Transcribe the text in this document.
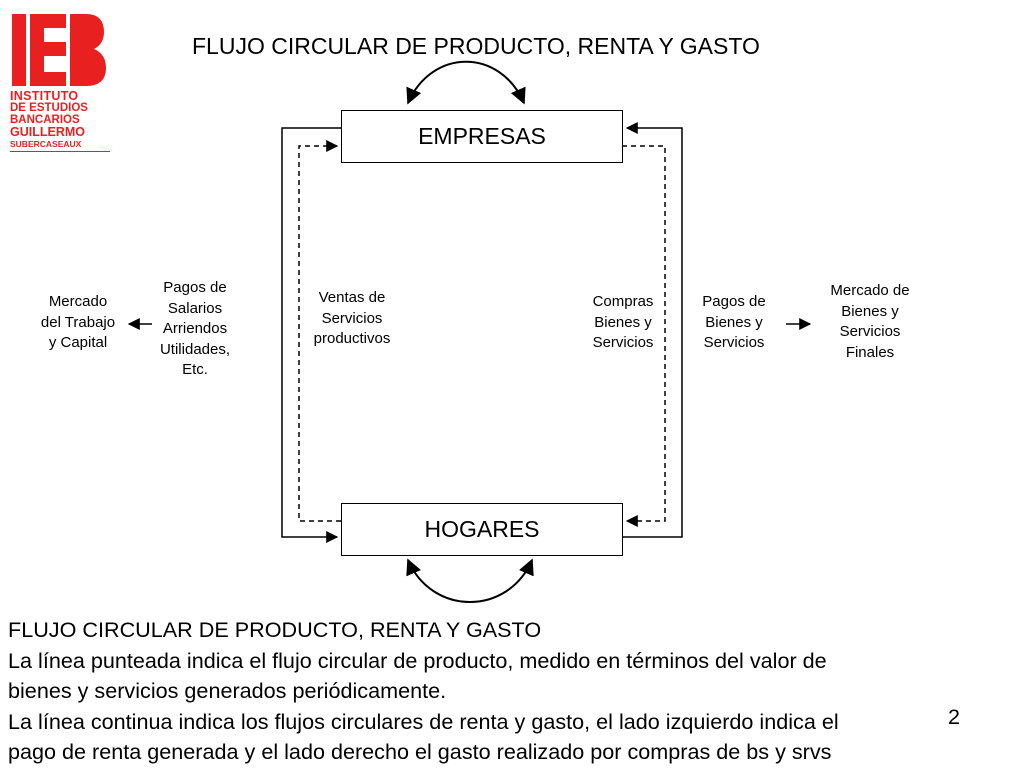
INSTITUTO
DE ESTUDIOS
BANCARIOS
GUILLERMO
SUBERCASEAUX
FLUJO CIRCULAR DE PRODUCTO, RENTA Y GASTO
EMPRESAS
HOGARES
Mercado
del Trabajo
y Capital
Pagos de
Salarios
Arriendos
Utilidades,
Etc.
Ventas de
Servicios
productivos
Compras
Bienes y
Servicios
Pagos de
Bienes y
Servicios
Mercado de
Bienes y
Servicios
Finales
FLUJO CIRCULAR DE PRODUCTO, RENTA Y GASTO
La línea punteada indica el flujo circular de producto, medido en términos del valor de
bienes y servicios generados periódicamente.
La línea continua indica los flujos circulares de renta y gasto, el lado izquierdo indica el
pago de renta generada y el lado derecho el gasto realizado por compras de bs y srvs
2
